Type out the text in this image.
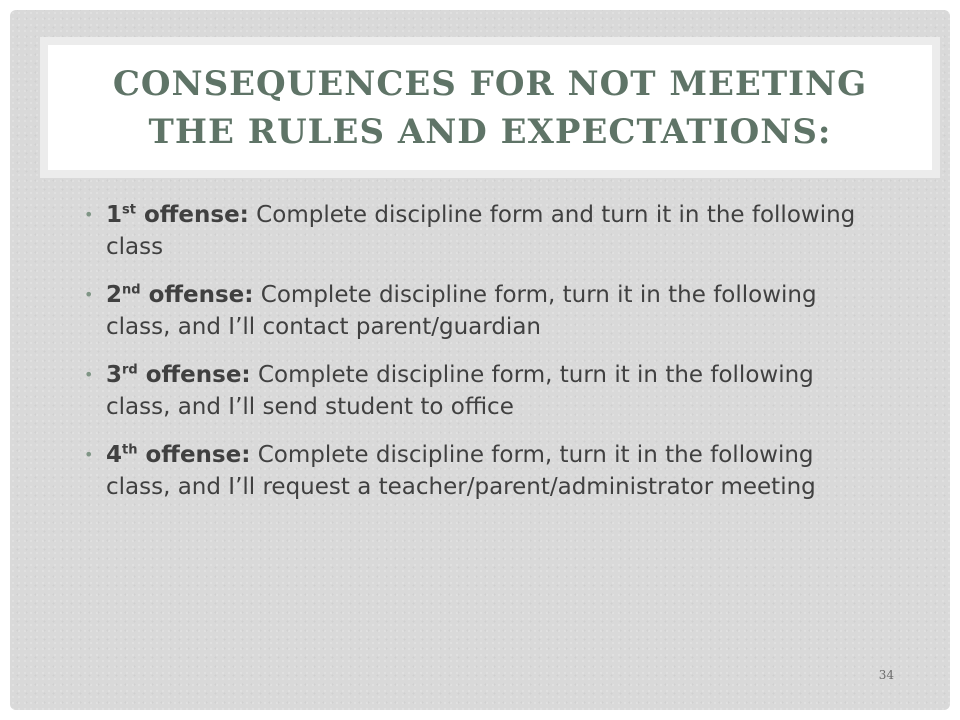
CONSEQUENCES FOR NOT MEETING
THE RULES AND EXPECTATIONS:
• 1st offense: Complete discipline form and turn it in the following class
• 2nd offense: Complete discipline form, turn it in the following class, and I’ll contact parent/guardian
• 3rd offense: Complete discipline form, turn it in the following class, and I’ll send student to office
• 4th offense: Complete discipline form, turn it in the following class, and I’ll request a teacher/parent/administrator meeting
34
